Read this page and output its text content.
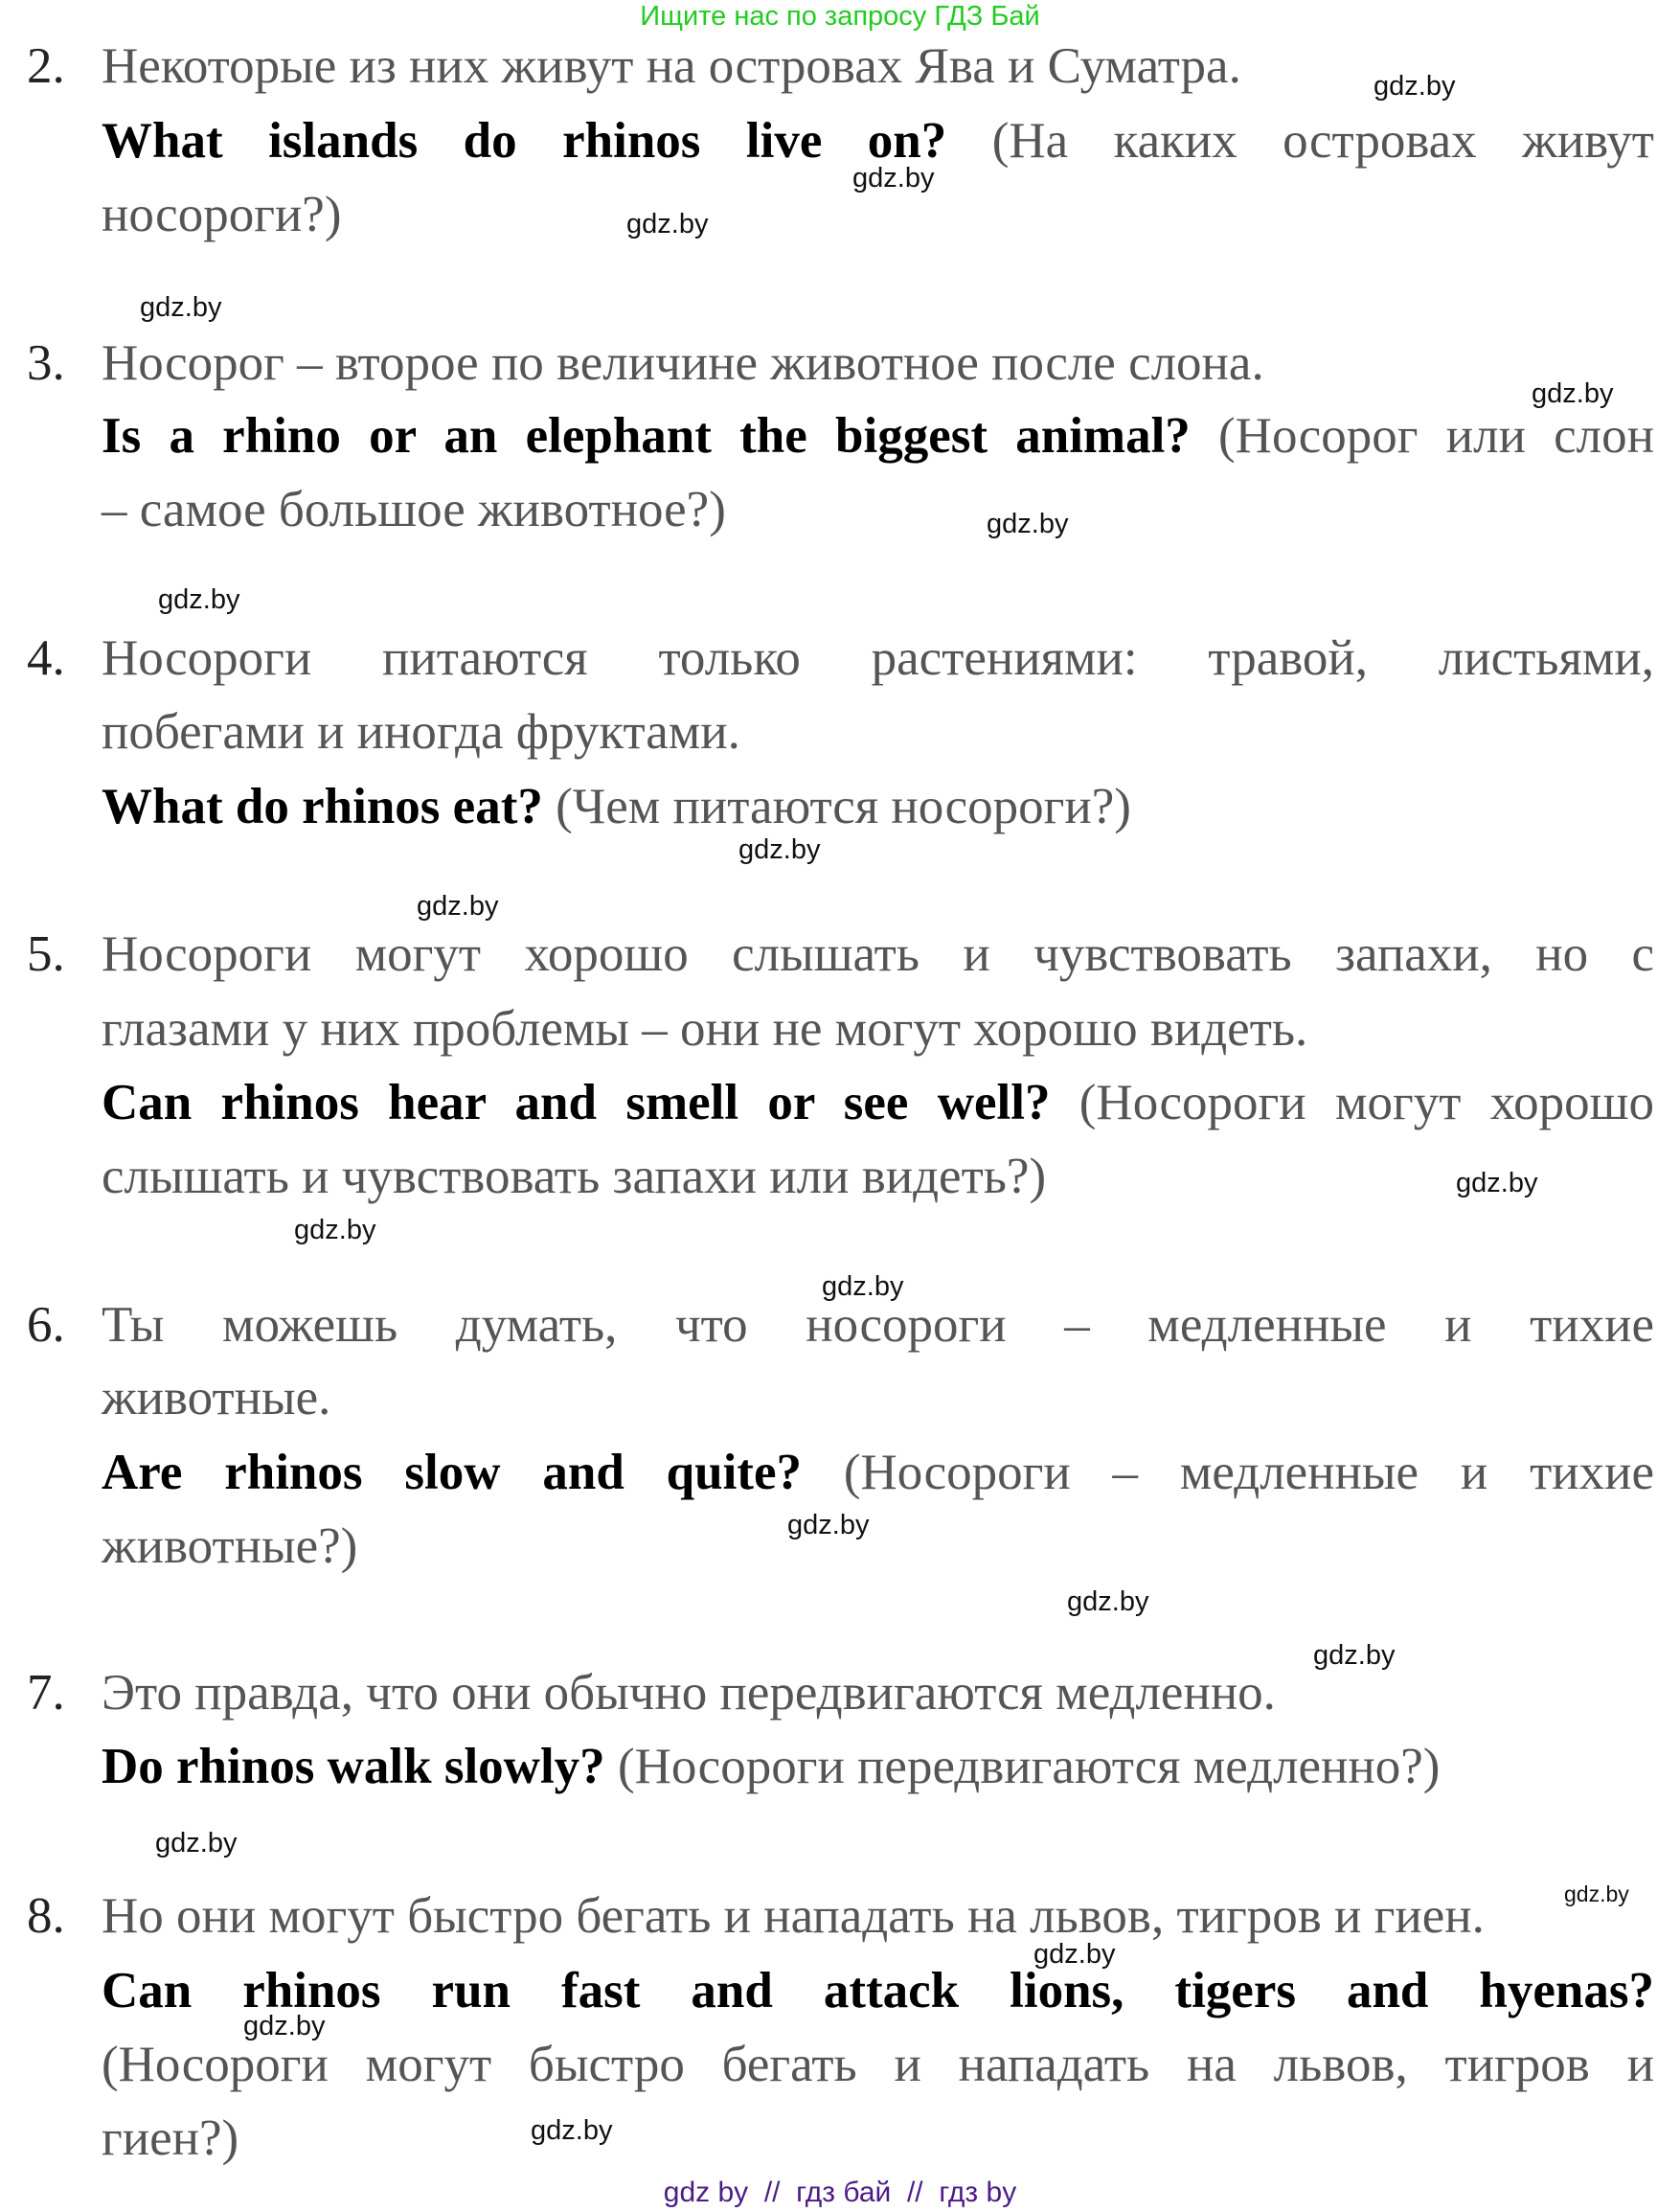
Ищите нас по запросу ГДЗ Бай
2. Некоторые из них живут на островах Ява и Суматра.
What islands do rhinos live on? (На каких островах живут
носороги?)
3. Носорог – второе по величине животное после слона.
Is a rhino or an elephant the biggest animal? (Носорог или слон
– самое большое животное?)
4. Носороги питаются только растениями: травой, листьями,
побегами и иногда фруктами.
What do rhinos eat? (Чем питаются носороги?)
5. Носороги могут хорошо слышать и чувствовать запахи, но с
глазами у них проблемы – они не могут хорошо видеть.
Can rhinos hear and smell or see well? (Носороги могут хорошо
слышать и чувствовать запахи или видеть?)
6. Ты можешь думать, что носороги – медленные и тихие
животные.
Are rhinos slow and quite? (Носороги – медленные и тихие
животные?)
7. Это правда, что они обычно передвигаются медленно.
Do rhinos walk slowly? (Носороги передвигаются медленно?)
8. Но они могут быстро бегать и нападать на львов, тигров и гиен.
Can rhinos run fast and attack lions, tigers and hyenas?
(Носороги могут быстро бегать и нападать на львов, тигров и
гиен?)
gdz.by
gdz.by
gdz.by
gdz.by
gdz.by
gdz.by
gdz.by
gdz.by
gdz.by
gdz.by
gdz.by
gdz.by
gdz.by
gdz.by
gdz.by
gdz.by
gdz.by
gdz.by
gdz.by
gdz.by
gdz by  //  гдз бай  //  гдз by
